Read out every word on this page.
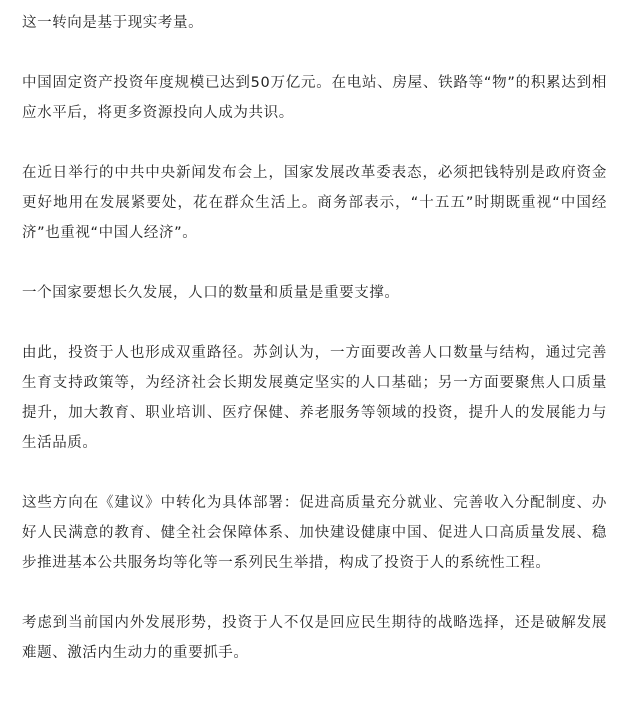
这一转向是基于现实考量。

中国固定资产投资年度规模已达到50万亿元。在电站、房屋、铁路等“物”的积累达到相应水平后，将更多资源投向人成为共识。

在近日举行的中共中央新闻发布会上，国家发展改革委表态，必须把钱特别是政府资金更好地用在发展紧要处，花在群众生活上。商务部表示，“十五五”时期既重视“中国经济”也重视“中国人经济”。

一个国家要想长久发展，人口的数量和质量是重要支撑。

由此，投资于人也形成双重路径。苏剑认为，一方面要改善人口数量与结构，通过完善生育支持政策等，为经济社会长期发展奠定坚实的人口基础；另一方面要聚焦人口质量提升，加大教育、职业培训、医疗保健、养老服务等领域的投资，提升人的发展能力与生活品质。

这些方向在《建议》中转化为具体部署：促进高质量充分就业、完善收入分配制度、办好人民满意的教育、健全社会保障体系、加快建设健康中国、促进人口高质量发展、稳步推进基本公共服务均等化等一系列民生举措，构成了投资于人的系统性工程。

考虑到当前国内外发展形势，投资于人不仅是回应民生期待的战略选择，还是破解发展难题、激活内生动力的重要抓手。
